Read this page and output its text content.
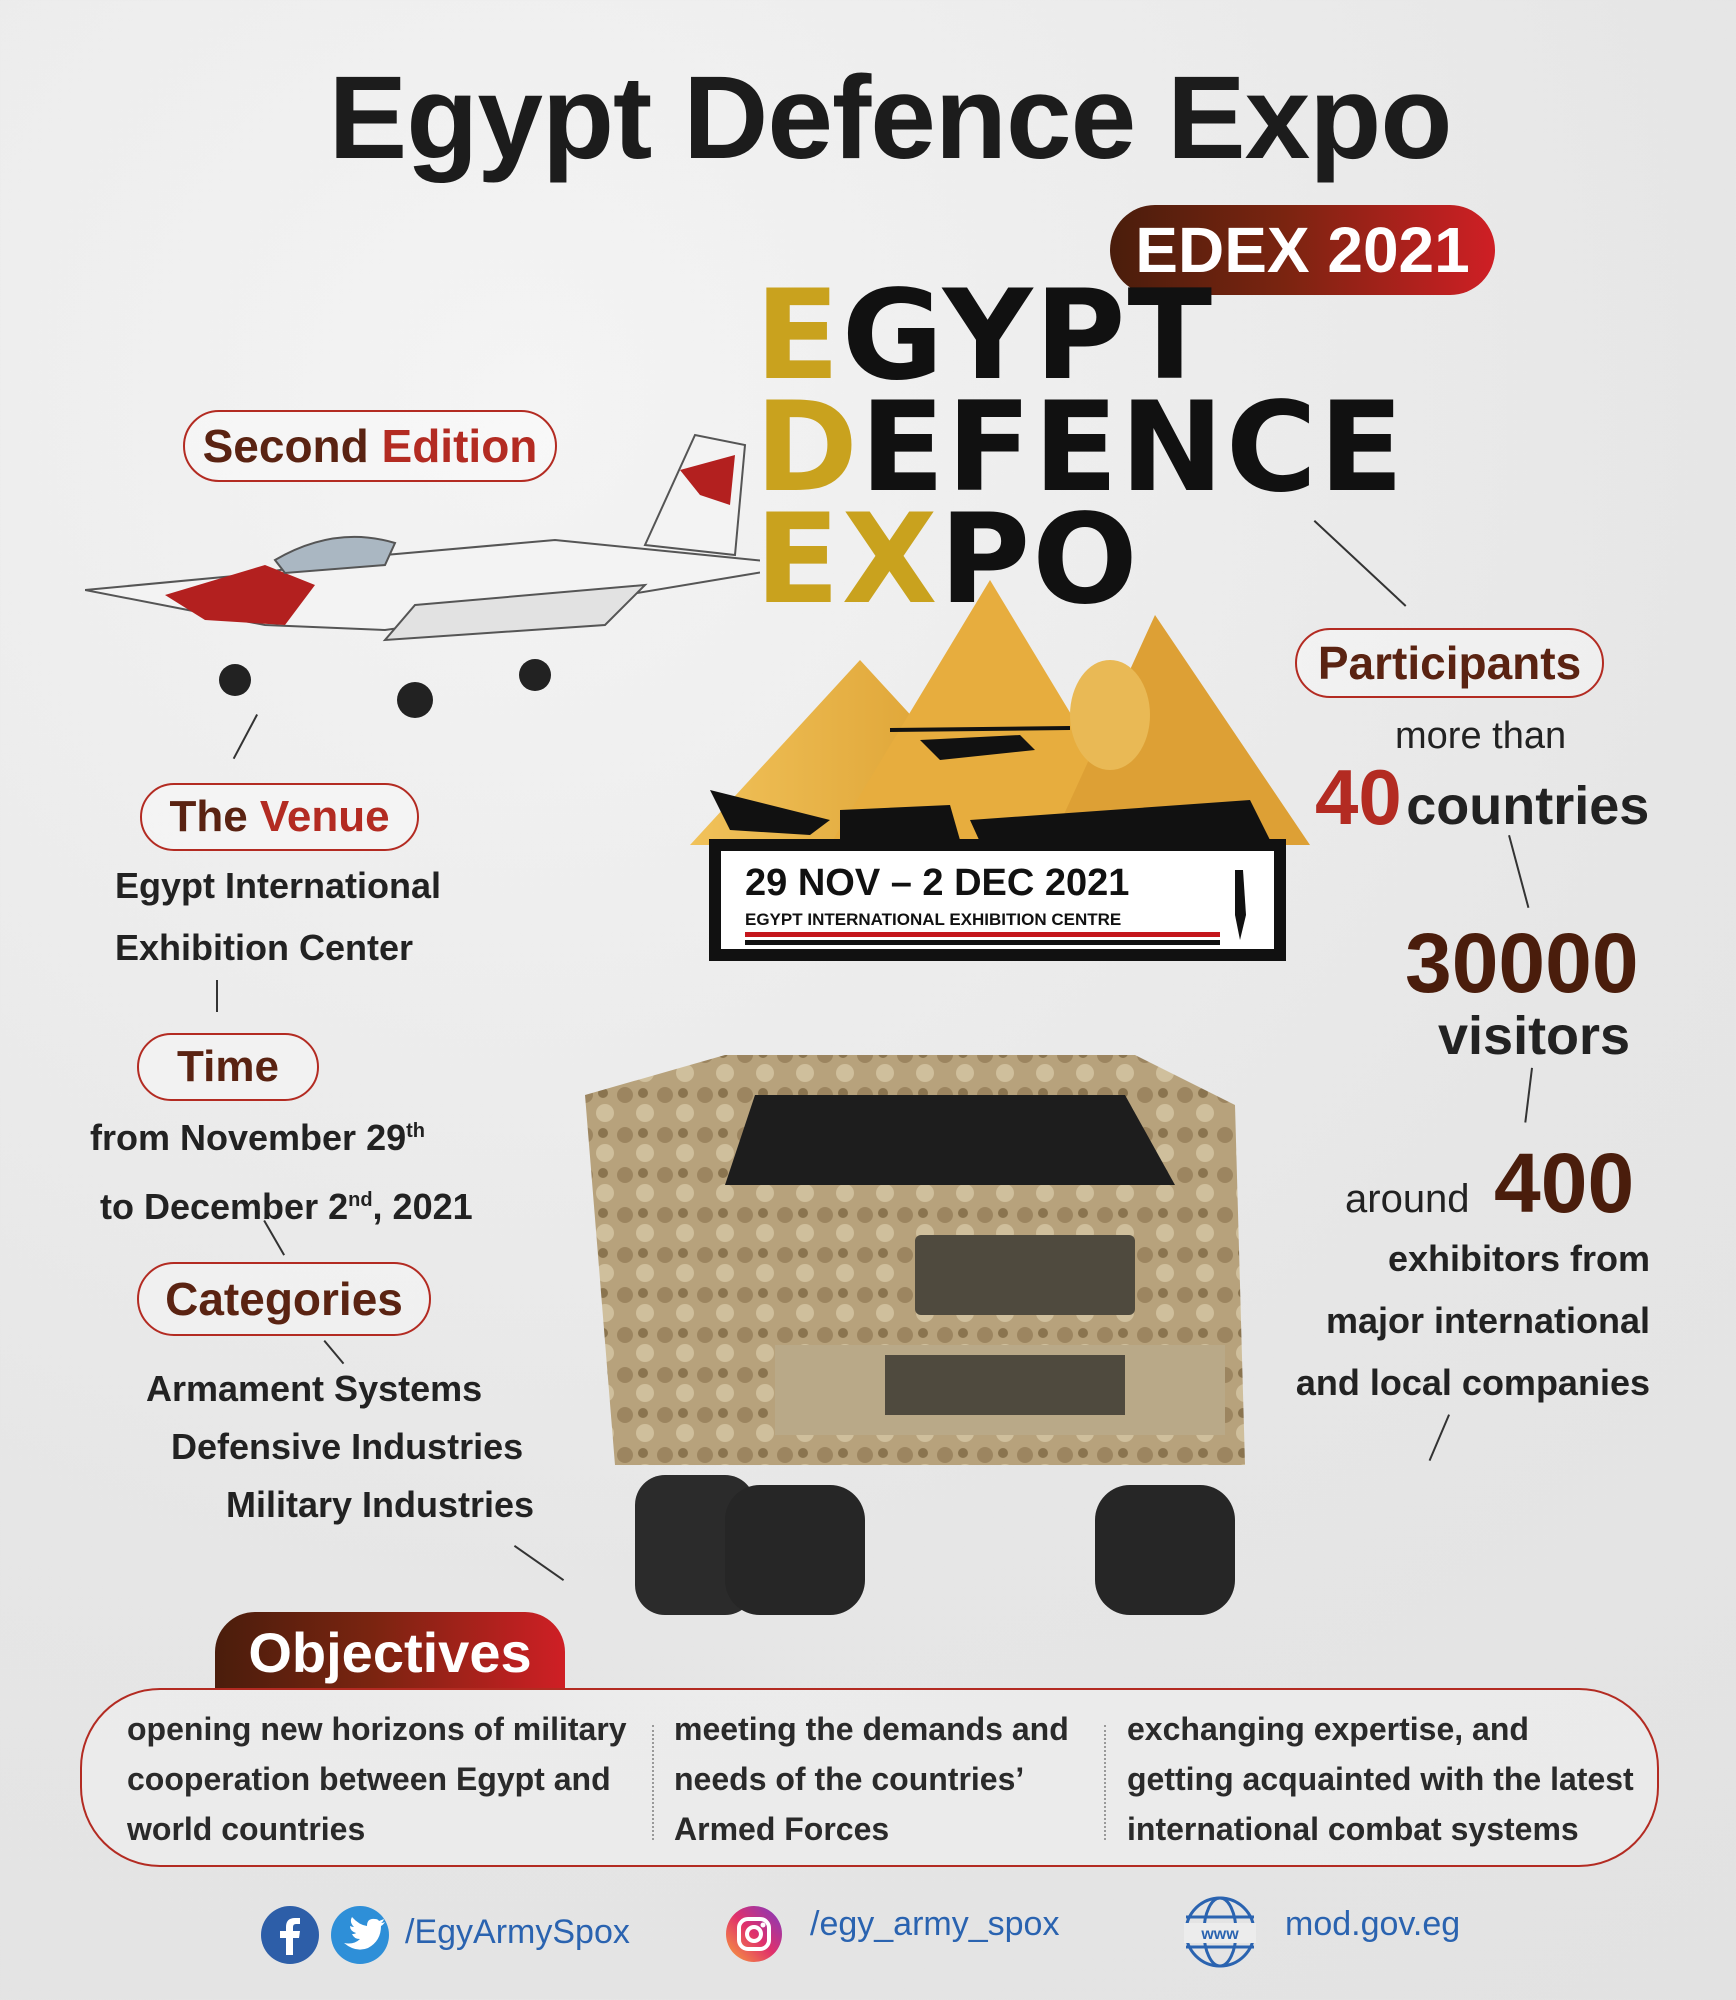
Egypt Defence Expo
EDEX 2021
EGYPT
DEFENCE
EXPO
29 NOV – 2 DEC 2021
EGYPT INTERNATIONAL EXHIBITION CENTRE
Second Edition
The Venue
Egypt International
Exhibition Center
Time
from November 29th
to December 2nd, 2021
Categories
Armament Systems
Defensive Industries
Military Industries
Participants
more than
40 countries
30000
visitors
around 400
exhibitors from
major international
and local companies
Objectives
opening new horizons of military
cooperation between Egypt and
world countries
meeting the demands and
needs of the countries’
Armed Forces
exchanging expertise, and
getting acquainted with the latest
international combat systems
/EgyArmySpox	/egy_army_spox	www mod.gov.eg
